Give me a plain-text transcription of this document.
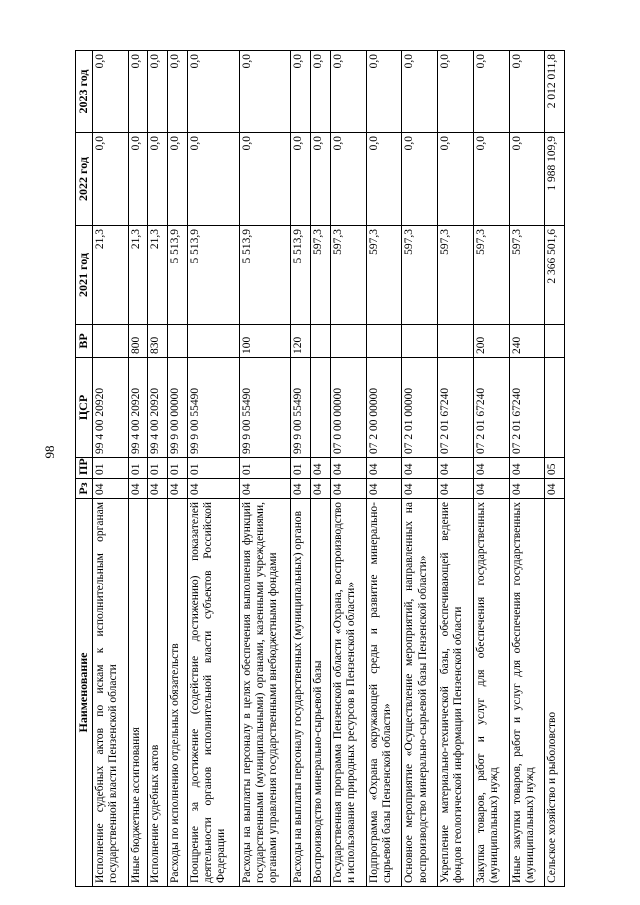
98
Наименование	Рз	ПР	ЦСР	ВР	2021 год	2022 год	2023 год
Исполнение судебных актов по искам к исполнительным органам государственной власти Пензенской области	04	01	99 4 00 20920		21,3	0,0	0,0
Иные бюджетные ассигнования	04	01	99 4 00 20920	800	21,3	0,0	0,0
Исполнение судебных актов	04	01	99 4 00 20920	830	21,3	0,0	0,0
Расходы по исполнению отдельных обязательств	04	01	99 9 00 00000		5 513,9	0,0	0,0
Поощрение за достижение (содействие достижению) показателей деятельности органов исполнительной власти субъектов Российской Федерации	04	01	99 9 00 55490		5 513,9	0,0	0,0
Расходы на выплаты персоналу в целях обеспечения выполнения функций государственными (муниципальными) органами, казенными учреждениями, органами управления государственными внебюджетными фондами	04	01	99 9 00 55490	100	5 513,9	0,0	0,0
Расходы на выплаты персоналу государственных (муниципальных) органов	04	01	99 9 00 55490	120	5 513,9	0,0	0,0
Воспроизводство минерально-сырьевой базы	04	04			597,3	0,0	0,0
Государственная программа Пензенской области «Охрана, воспроизводство и использование природных ресурсов в Пензенской области»	04	04	07 0 00 00000		597,3	0,0	0,0
Подпрограмма «Охрана окружающей среды и развитие минерально-сырьевой базы Пензенской области»	04	04	07 2 00 00000		597,3	0,0	0,0
Основное мероприятие «Осуществление мероприятий, направленных на воспроизводство минерально-сырьевой базы Пензенской области»	04	04	07 2 01 00000		597,3	0,0	0,0
Укрепление материально-технической базы, обеспечивающей ведение фондов геологической информации Пензенской области	04	04	07 2 01 67240		597,3	0,0	0,0
Закупка товаров, работ и услуг для обеспечения государственных (муниципальных) нужд	04	04	07 2 01 67240	200	597,3	0,0	0,0
Иные закупки товаров, работ и услуг для обеспечения государственных (муниципальных) нужд	04	04	07 2 01 67240	240	597,3	0,0	0,0
Сельское хозяйство и рыболовство	04	05			2 366 501,6	1 988 109,9	2 012 011,8
